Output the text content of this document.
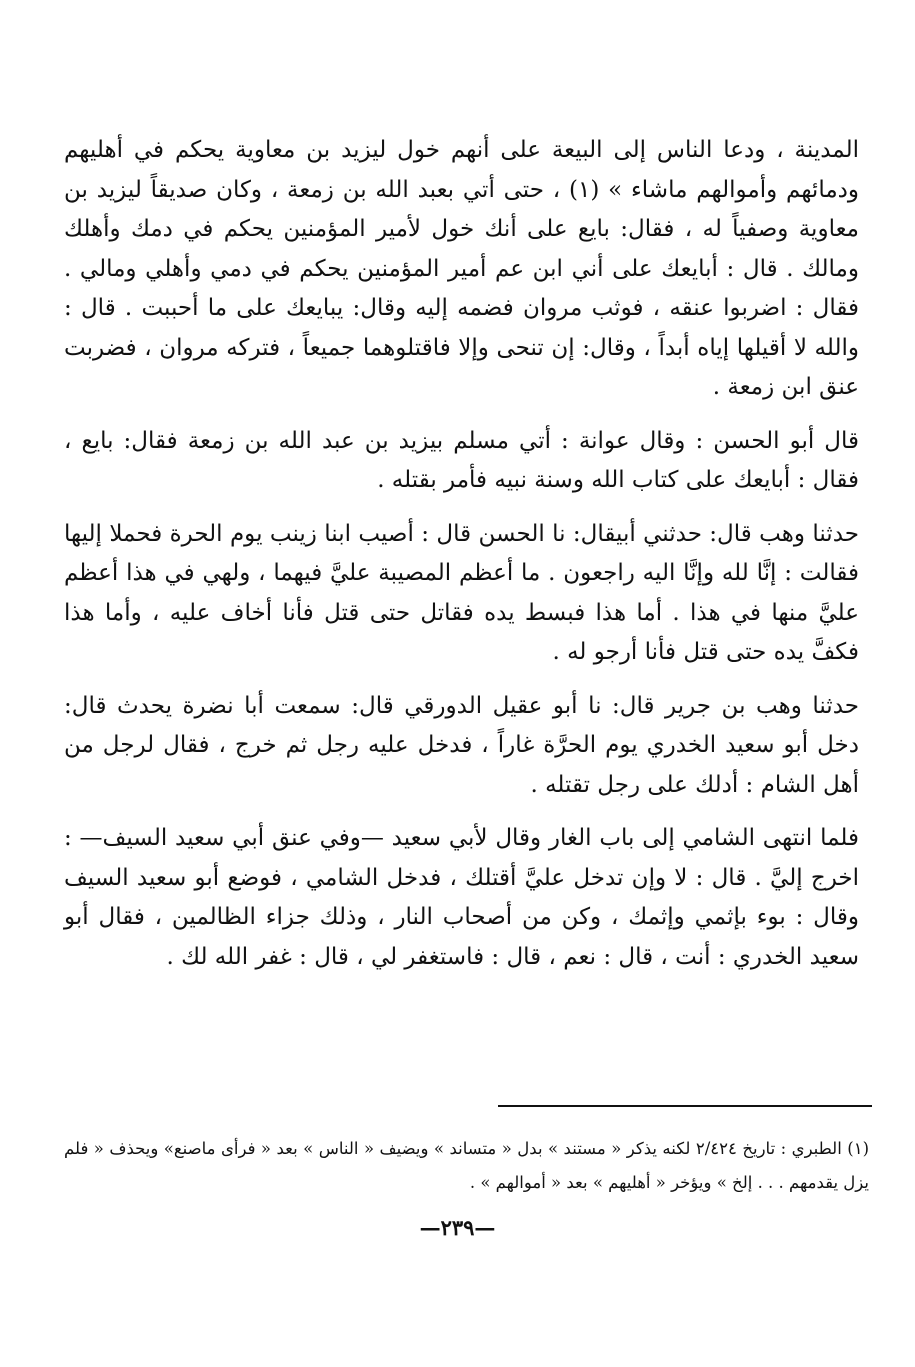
المدينة ، ودعا الناس إلى البيعة على أنهم خول ليزيد بن معاوية يحكم في أهليهم ودمائهم وأموالهم ماشاء » (١) ، حتى أتي بعبد الله بن زمعة ، وكان صديقاً ليزيد بن معاوية وصفياً له ، فقال: بايع على أنك خول لأمير المؤمنين يحكم في دمك وأهلك ومالك . قال : أبايعك على أني ابن عم أمير المؤمنين يحكم في دمي وأهلي ومالي . فقال : اضربوا عنقه ، فوثب مروان فضمه إليه وقال: يبايعك على ما أحببت . قال : والله لا أقيلها إياه أبداً ، وقال: إن تنحى وإلا فاقتلوهما جميعاً ، فتركه مروان ، فضربت عنق ابن زمعة .

قال أبو الحسن : وقال عوانة : أتي مسلم بيزيد بن عبد الله بن زمعة فقال: بايع ، فقال : أبايعك على كتاب الله وسنة نبيه فأمر بقتله .

حدثنا وهب قال: حدثني أبيقال: نا الحسن قال : أصيب ابنا زينب يوم الحرة فحملا إليها فقالت : إنَّا لله وإنَّا اليه راجعون . ما أعظم المصيبة عليَّ فيهما ، ولهي في هذا أعظم عليَّ منها في هذا . أما هذا فبسط يده فقاتل حتى قتل فأنا أخاف عليه ، وأما هذا فكفَّ يده حتى قتل فأنا أرجو له .

حدثنا وهب بن جرير قال: نا أبو عقيل الدورقي قال: سمعت أبا نضرة يحدث قال: دخل أبو سعيد الخدري يوم الحرَّة غاراً ، فدخل عليه رجل ثم خرج ، فقال لرجل من أهل الشام : أدلك على رجل تقتله .

فلما انتهى الشامي إلى باب الغار وقال لأبي سعيد —وفي عنق أبي سعيد السيف— : اخرج إليَّ . قال : لا وإن تدخل عليَّ أقتلك ، فدخل الشامي ، فوضع أبو سعيد السيف وقال : بوء بإثمي وإثمك ، وكن من أصحاب النار ، وذلك جزاء الظالمين ، فقال أبو سعيد الخدري : أنت ، قال : نعم ، قال : فاستغفر لي ، قال : غفر الله لك .

(١) الطبري : تاريخ ٢/٤٢٤ لكنه يذكر « مستند » بدل « متساند » ويضيف « الناس » بعد « فرأى ماصنع» ويحذف « فلم يزل يقدمهم . . . إلخ » ويؤخر « أهليهم » بعد « أموالهم » .

—٢٣٩—
